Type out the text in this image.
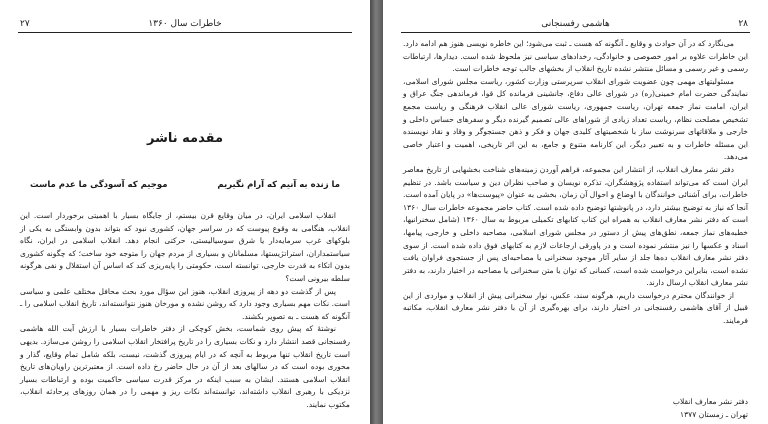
۲۷	خاطرات سال ۱۳۶۰
مقدمه ناشر
ما زنده به آنیم که آرام نگیریم
موجیم که آسودگی ما عدم ماست

انقلاب اسلامی ایران، در میان وقایع قرن بیستم، از جایگاه بسیار با اهمیتی برخوردار است. این انقلاب، هنگامی به وقوع پیوست که در سراسر جهان، کشوری نبود که بتواند بدون وابستگی به یکی از بلوکهای غرب سرمایه‌دار یا شرق سوسیالیستی، حرکتی انجام دهد. انقلاب اسلامی در ایران، نگاه سیاستمداران، استراتژیستها، مسلمانان و بسیاری از مردم جهان را متوجه خود ساخت؛ که چگونه کشوری بدون اتکاء به قدرت خارجی، توانسته است، حکومتی را پایه‌ریزی کند که اساس آن استقلال و نفی هرگونه سلطه بیرونی است؟

پس از گذشت دو دهه از پیروزی انقلاب، هنوز این سؤال مورد بحث محافل مختلف علمی و سیاسی است. نکات مهم بسیاری وجود دارد که روشن نشده و مورخان هنوز نتوانسته‌اند، تاریخ انقلاب اسلامی را ـ آنگونه که هست ـ به تصویر بکشند.

نوشتهٔ که پیش روی شماست، بخش کوچکی از دفتر خاطرات بسیار با ارزش آیت الله هاشمی رفسنجانی قصد انتشار دارد و نکات بسیاری را در تاریخ پرافتخار انقلاب اسلامی را روشن می‌سازد. بدیهی است تاریخ انقلاب تنها مربوط به آنچه که در ایام پیروزی گذشت، نیست، بلکه شامل تمام وقایع، گذار و محوری بوده است که در سالهای بعد از آن در حال حاضر رخ داده است. از معتبرترین راویان‌های تاریخ انقلاب اسلامی هستند. ایشان به سبب اینکه در مرکز قدرت سیاسی حاکمیت بوده و ارتباطات بسیار نزدیکی با رهبری انقلاب داشته‌اند، توانسته‌اند نکات ریز و مهمی را در همان روزهای پرحادثه انقلاب، مکتوب نمایند.

۲۸
هاشمی رفسنجانی

می‌نگارد که در آن حوادث و وقایع ـ آنگونه که هست ـ ثبت می‌شود؛ این خاطره نویسی هنوز هم ادامه دارد. این خاطرات علاوه بر امور خصوصی و خانوادگی، رخدادهای سیاسی نیز ملحوظ شده است. دیدارها، ارتباطات رسمی و غیر رسمی و مسائل منتشر نشده تاریخ انقلاب از بخشهای جالب توجه خاطرات است.

مسئولیتهای مهمی چون عضویت شورای انقلاب سرپرستی وزارت کشور، ریاست مجلس شورای اسلامی، نمایندگی حضرت امام خمینی(ره) در شورای عالی دفاع، جانشینی فرمانده کل قوا، فرماندهی جنگ عراق و ایران، امامت نماز جمعه تهران، ریاست جمهوری، ریاست شورای عالی انقلاب فرهنگی و ریاست مجمع تشخیص مصلحت نظام، ریاست تعداد زیادی از شوراهای عالی تصمیم گیرنده دیگر و سفرهای حساس داخلی و خارجی و ملاقاتهای سرنوشت ساز با شخصیتهای کلیدی جهان و فکر و ذهن جستجوگر و وقاد و نقاد نویسنده این مسئله خاطرات و به تعبیر دیگر، این کارنامه متنوع و جامع، به این اثر تاریخی، اهمیت و اعتبار خاصی می‌دهد.

دفتر نشر معارف انقلاب، از انتشار این مجموعه، فراهم آوردن زمینه‌های شناخت بخشهایی از تاریخ معاصر ایران است که می‌تواند استفاده پژوهشگران، تذکره نویسان و صاحب نظران دین و سیاست باشد. در تنظیم خاطرات، برای آشنائی خوانندگان با اوضاع و احوال آن زمان، بخشی به عنوان «پیوست‌ها» در پایان آمده است. آنجا که نیاز به توضیح بیشتر دارد، در پانوشتها توضیح داده شده است. کتاب حاضر مجموعه خاطرات سال ۱۳۶۰ است که دفتر نشر معارف انقلاب به همراه این کتاب کتابهای تکمیلی مربوط به سال ۱۳۶۰ (شامل سخنرانیها، خطبه‌های نماز جمعه، نطق‌های پیش از دستور در مجلس شورای اسلامی، مصاحبه داخلی و خارجی، پیامها، اسناد و عکسها را نیز منتشر نموده است و در پاورقی ارجاعات لازم به کتابهای فوق داده شده است. از سوی دفتر نشر معارف انقلاب ده‌ها جلد از سایر آثار موجود سخنرانی یا مصاحبه‌ای پس از جستجوی فراوان یافت نشده است، بنابراین درخواست شده است، کسانی که توان یا متن سخنرانی یا مصاحبه در اختیار دارند، به دفتر نشر معارف انقلاب ارسال دارند.

از خوانندگان محترم درخواست داریم، هرگونه سند، عکس، نوار سخنرانی پیش از انقلاب و مواردی از این قبیل از آقای هاشمی رفسنجانی در اختیار دارند، برای بهره‌گیری از آن با دفتر نشر معارف انقلاب، مکاتبه فرمایند.

دفتر نشر معارف انقلاب
تهران ـ زمستان ۱۳۷۷
